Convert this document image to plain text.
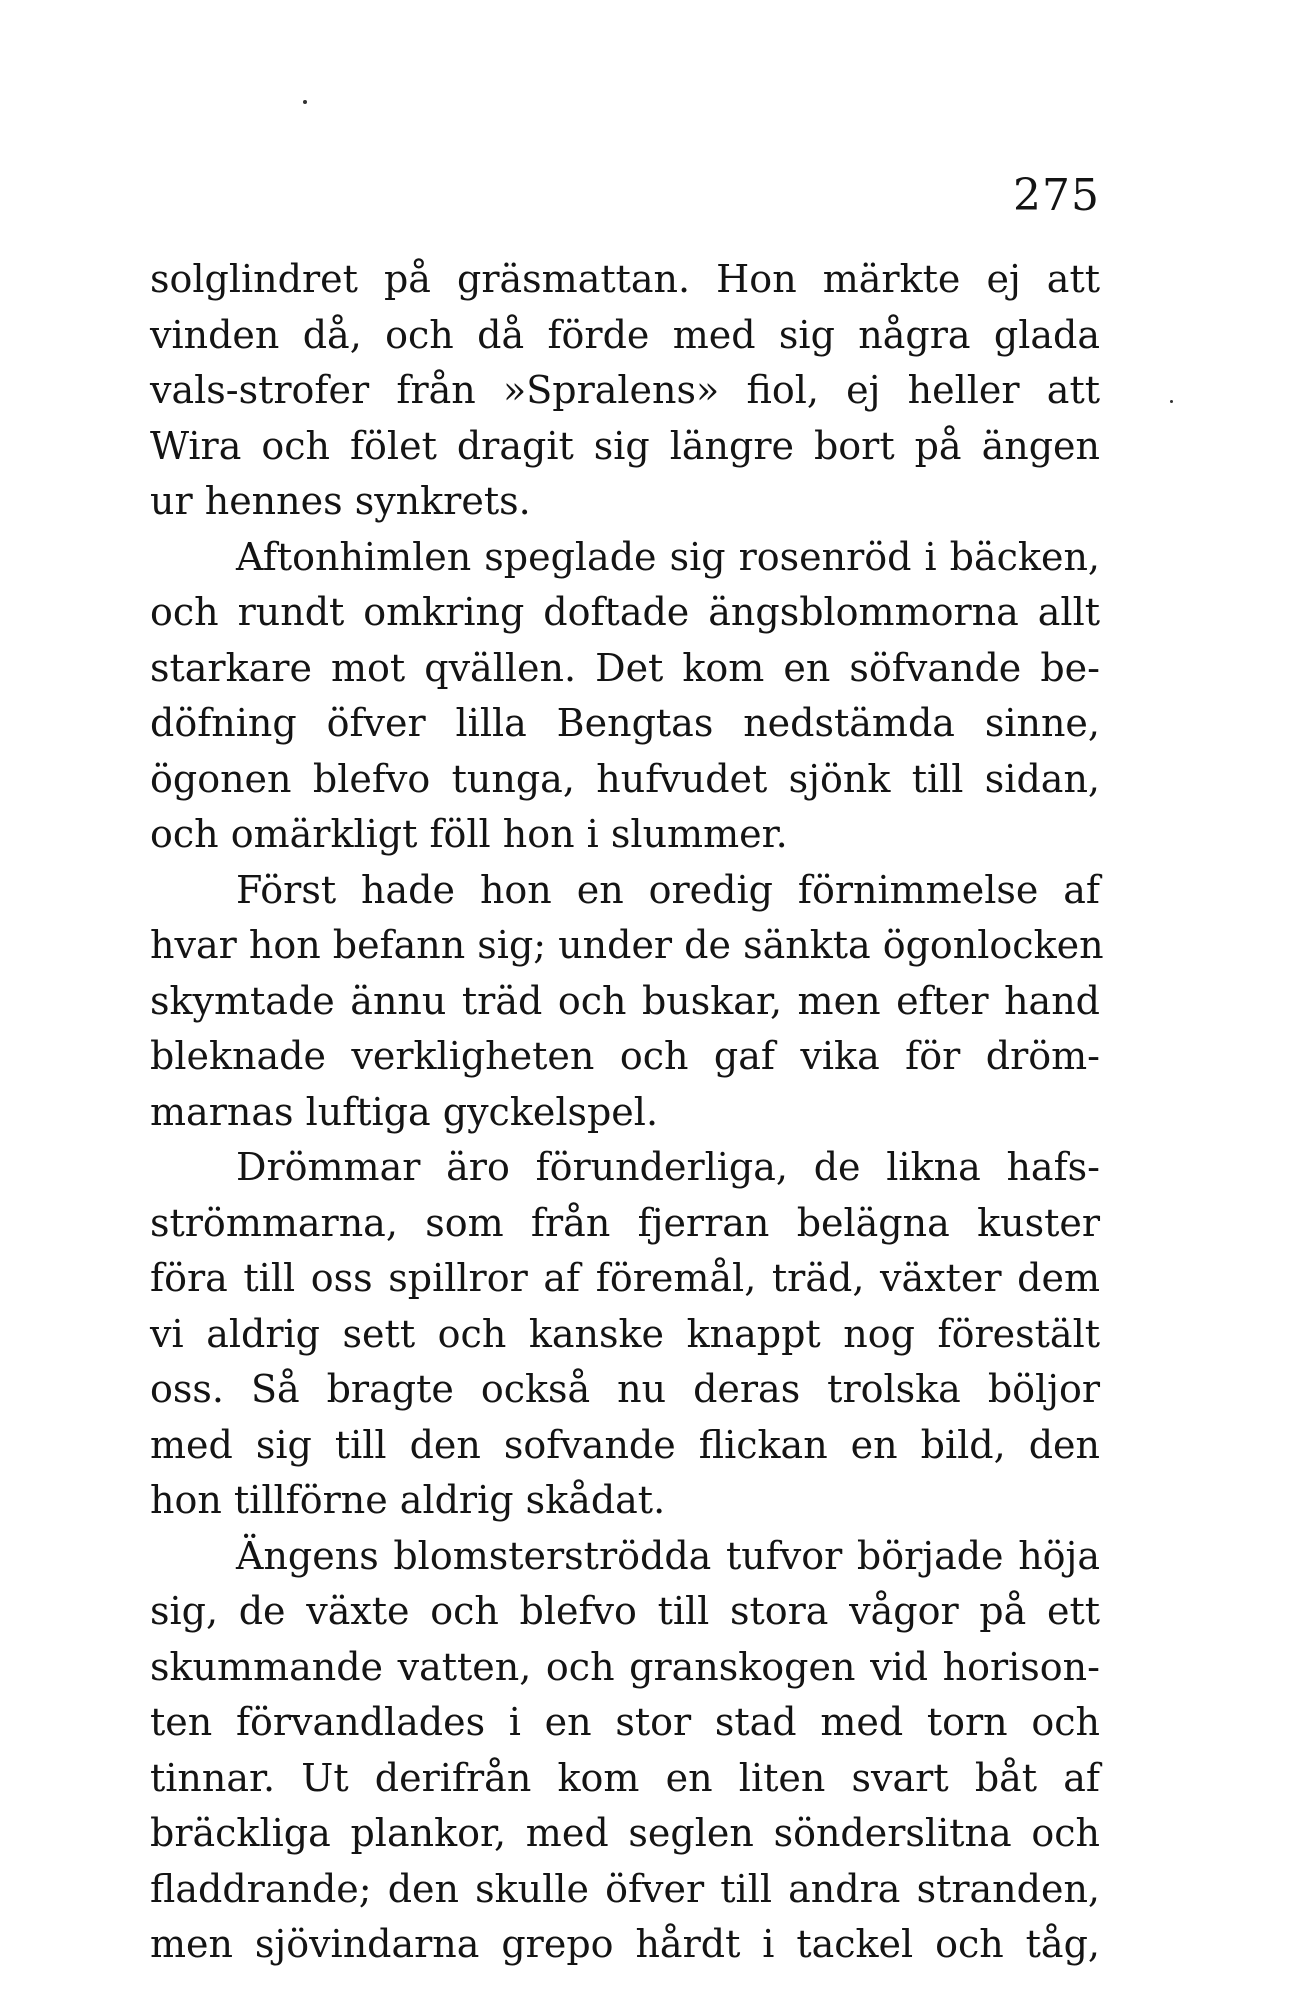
275
solglindret på gräsmattan. Hon märkte ej att
vinden då, och då förde med sig några glada
vals-strofer från »Spralens» fiol, ej heller att
Wira och fölet dragit sig längre bort på ängen
ur hennes synkrets.
Aftonhimlen speglade sig rosenröd i bäcken,
och rundt omkring doftade ängsblommorna allt
starkare mot qvällen. Det kom en söfvande be-
döfning öfver lilla Bengtas nedstämda sinne,
ögonen blefvo tunga, hufvudet sjönk till sidan,
och omärkligt föll hon i slummer.
Först hade hon en oredig förnimmelse af
hvar hon befann sig; under de sänkta ögonlocken
skymtade ännu träd och buskar, men efter hand
bleknade verkligheten och gaf vika för dröm-
marnas luftiga gyckelspel.
Drömmar äro förunderliga, de likna hafs-
strömmarna, som från fjerran belägna kuster
föra till oss spillror af föremål, träd, växter dem
vi aldrig sett och kanske knappt nog förestält
oss. Så bragte också nu deras trolska böljor
med sig till den sofvande flickan en bild, den
hon tillförne aldrig skådat.
Ängens blomsterströdda tufvor började höja
sig, de växte och blefvo till stora vågor på ett
skummande vatten, och granskogen vid horison-
ten förvandlades i en stor stad med torn och
tinnar. Ut derifrån kom en liten svart båt af
bräckliga plankor, med seglen sönderslitna och
fladdrande; den skulle öfver till andra stranden,
men sjövindarna grepo hårdt i tackel och tåg,
